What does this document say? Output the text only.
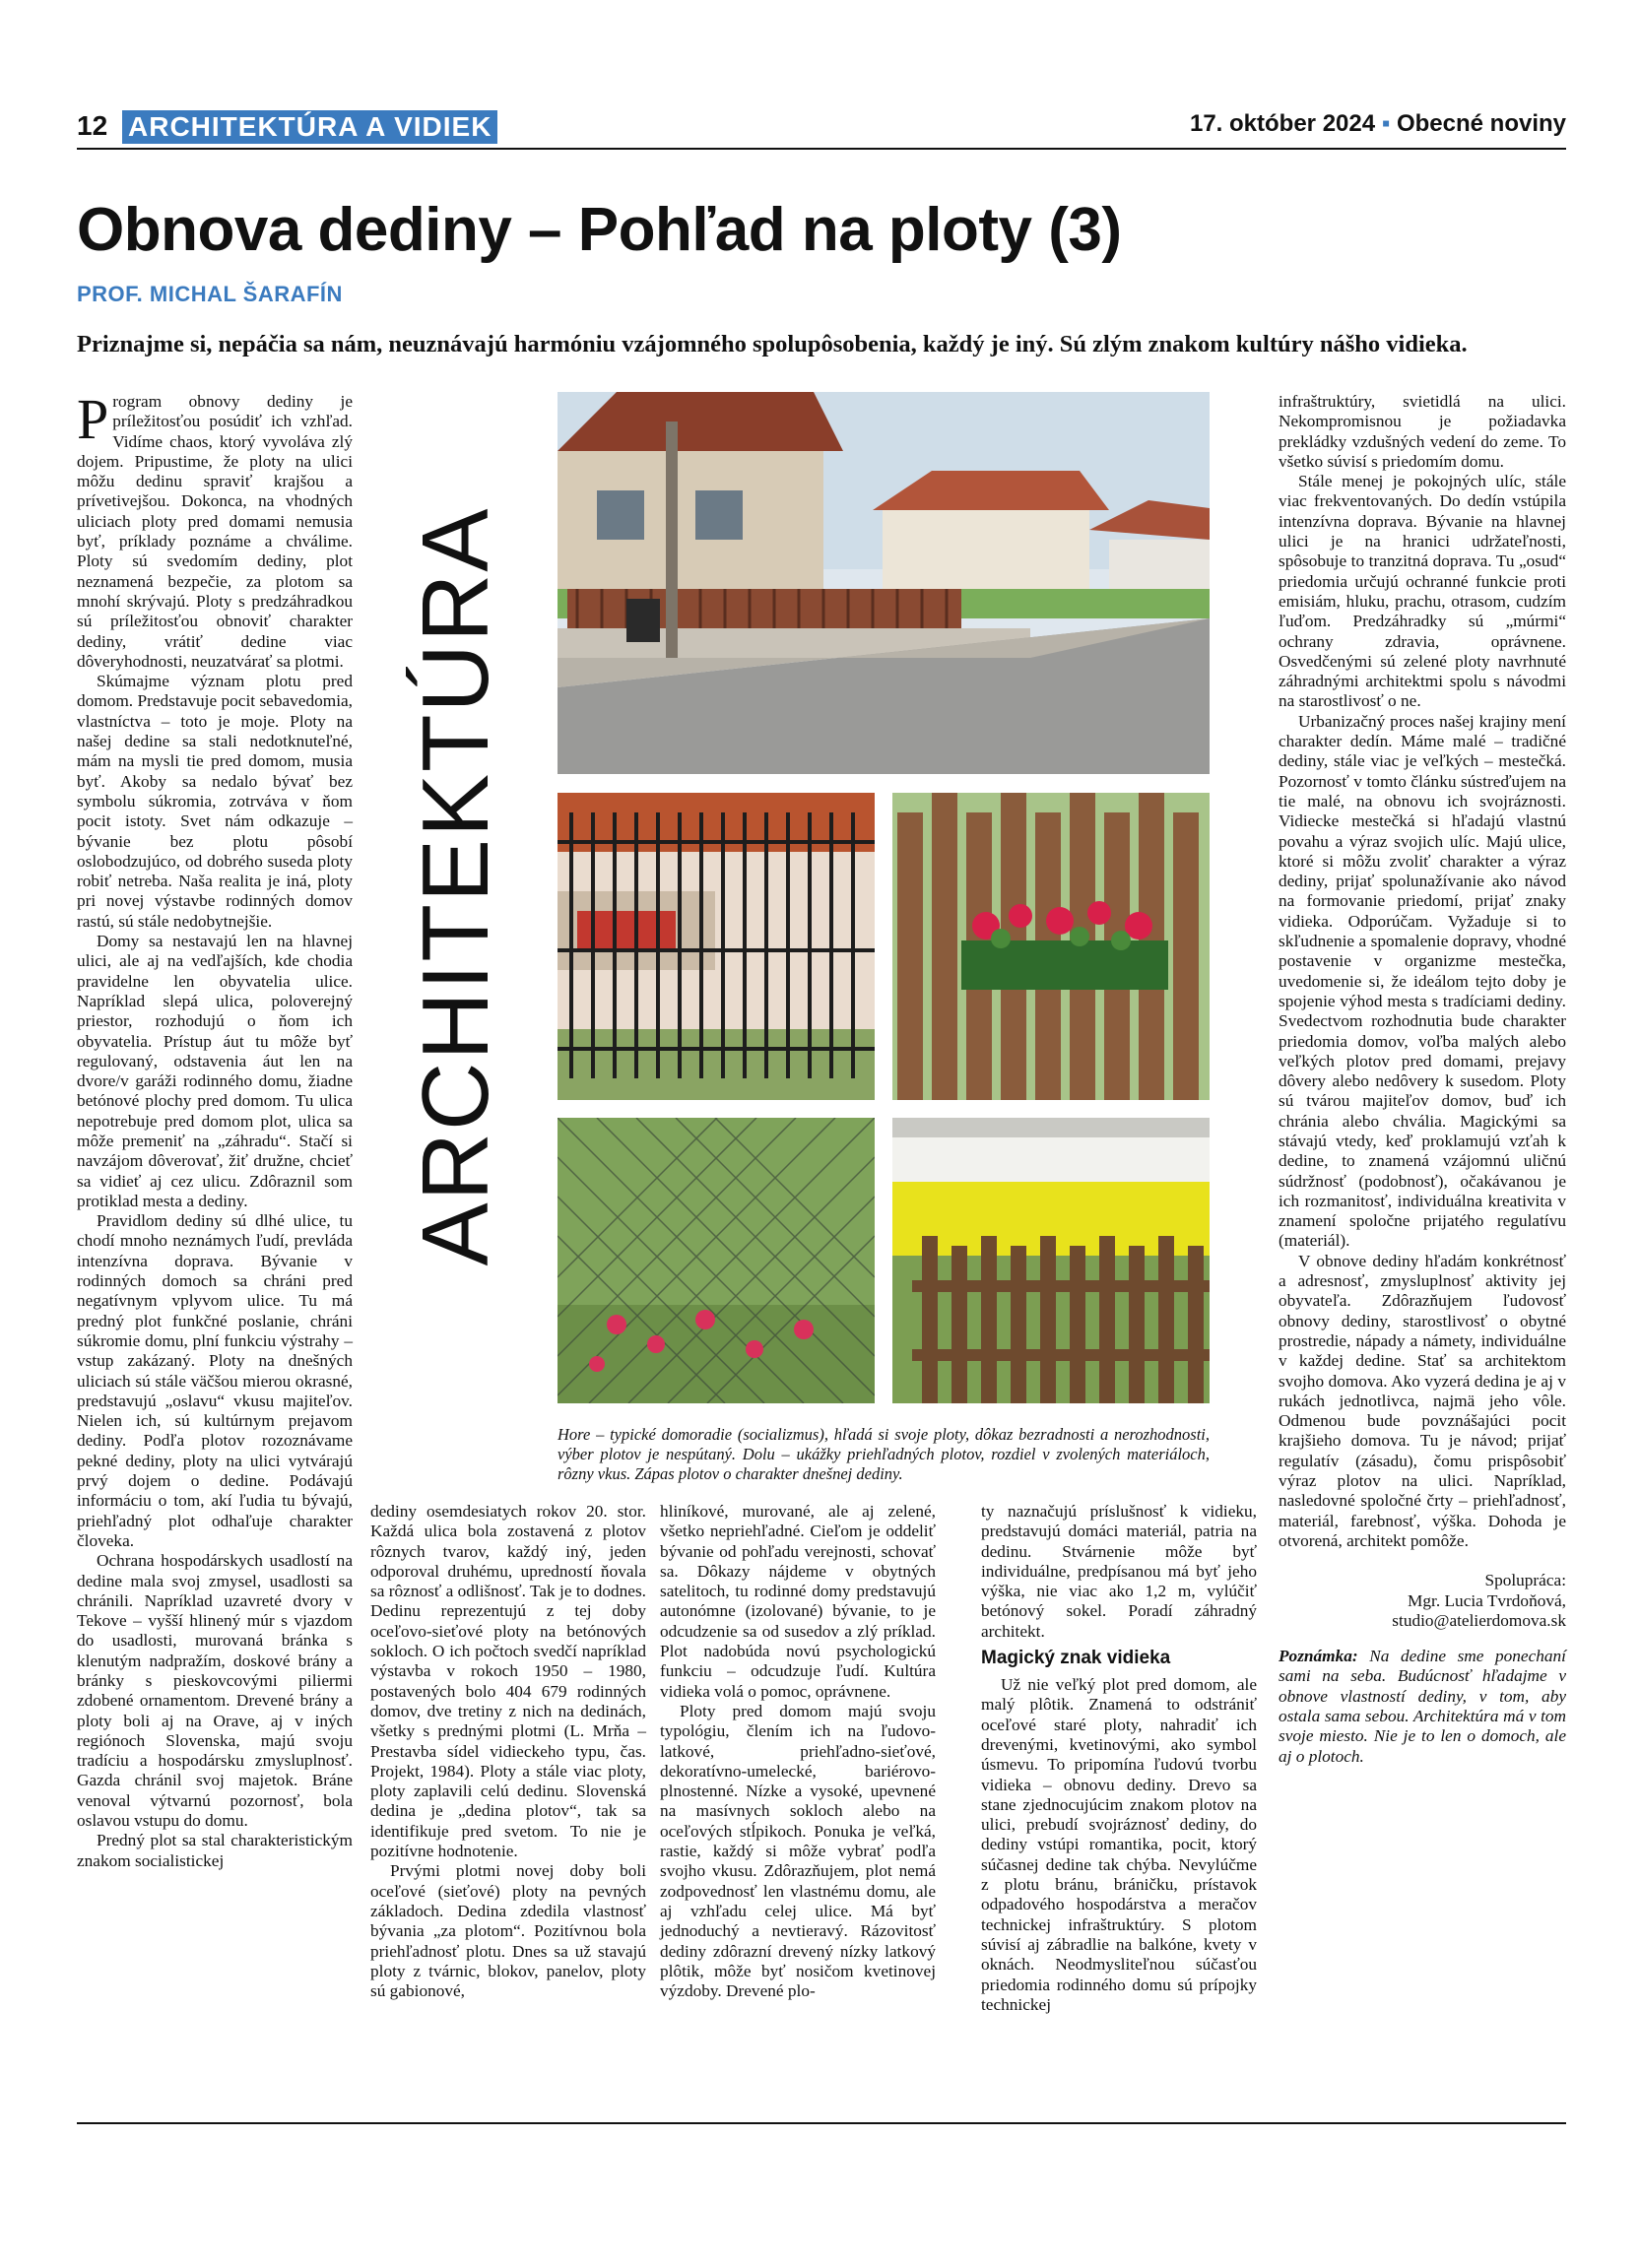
12 ARCHITEKTÚRA A VIDIEK	17. október 2024 ▪ Obecné noviny
Obnova dediny – Pohľad na ploty (3)
PROF. MICHAL ŠARAFÍN
Priznajme si, nepáčia sa nám, neuznávajú harmóniu vzájomného spolupôsobenia, každý je iný. Sú zlým znakom kultúry nášho vidieka.

Program obnovy dediny je príležitosťou posúdiť ich vzhľad. Vidíme chaos, ktorý vyvoláva zlý dojem. Pripustime, že ploty na ulici môžu dedinu spraviť krajšou a prívetivejšou. Dokonca, na vhodných uliciach ploty pred domami nemusia byť, príklady poznáme a chválime. Ploty sú svedomím dediny, plot neznamená bezpečie, za plotom sa mnohí skrývajú. Ploty s predzáhradkou sú príležitosťou obnoviť charakter dediny, vrátiť dedine viac dôveryhodnosti, neuzatvárať sa plotmi.

Skúmajme význam plotu pred domom. Predstavuje pocit sebavedomia, vlastníctva – toto je moje. Ploty na našej dedine sa stali nedotknuteľné, mám na mysli tie pred domom, musia byť. Akoby sa nedalo bývať bez symbolu súkromia, zotrváva v ňom pocit istoty. Svet nám odkazuje – bývanie bez plotu pôsobí oslobodzujúco, od dobrého suseda ploty robiť netreba. Naša realita je iná, ploty pri novej výstavbe rodinných domov rastú, sú stále nedobytnejšie.

Domy sa nestavajú len na hlavnej ulici, ale aj na vedľajších, kde chodia pravidelne len obyvatelia ulice. Napríklad slepá ulica, poloverejný priestor, rozhodujú o ňom ich obyvatelia. Prístup áut tu môže byť regulovaný, odstavenia áut len na dvore/v garáži rodinného domu, žiadne betónové plochy pred domom. Tu ulica nepotrebuje pred domom plot, ulica sa môže premeniť na „záhradu“. Stačí si navzájom dôverovať, žiť družne, chcieť sa vidieť aj cez ulicu. Zdôraznil som protiklad mesta a dediny.

Pravidlom dediny sú dlhé ulice, tu chodí mnoho neznámych ľudí, prevláda intenzívna doprava. Bývanie v rodinných domoch sa chráni pred negatívnym vplyvom ulice. Tu má predný plot funkčné poslanie, chráni súkromie domu, plní funkciu výstrahy – vstup zakázaný. Ploty na dnešných uliciach sú stále väčšou mierou okrasné, predstavujú „oslavu“ vkusu majiteľov. Nielen ich, sú kultúrnym prejavom dediny. Podľa plotov rozoznávame pekné dediny, ploty na ulici vytvárajú prvý dojem o dedine. Podávajú informáciu o tom, akí ľudia tu bývajú, priehľadný plot odhaľuje charakter človeka.

Ochrana hospodárskych usadlostí na dedine mala svoj zmysel, usadlosti sa chránili. Napríklad uzavreté dvory v Tekove – vyšší hlinený múr s vjazdom do usadlosti, murovaná bránka s klenutým nadpražím, doskové brány a bránky s pieskovcovými piliermi zdobené ornamentom. Drevené brány a ploty boli aj na Orave, aj v iných regiónoch Slovenska, majú svoju tradíciu a hospodársku zmysluplnosť. Gazda chránil svoj majetok. Bráne venoval výtvarnú pozornosť, bola oslavou vstupu do domu.

Predný plot sa stal charakteristickým znakom socialistickej

ARCHITEKTÚRA
Hore – typické domoradie (socializmus), hľadá si svoje ploty, dôkaz bezradnosti a nerozhodnosti, výber plotov je nespútaný. Dolu – ukážky priehľadných plotov, rozdiel v zvolených materiáloch, rôzny vkus. Zápas plotov o charakter dnešnej dediny.

dediny osemdesiatych rokov 20. stor. Každá ulica bola zostavená z plotov rôznych tvarov, každý iný, jeden odporoval druhému, upredností ňovala sa rôznosť a odlišnosť. Tak je to dodnes. Dedinu reprezentujú z tej doby oceľovo-sieťové ploty na betónových sokloch. O ich počtoch svedčí napríklad výstavba v rokoch 1950 – 1980, postavených bolo 404 679 rodinných domov, dve tretiny z nich na dedinách, všetky s prednými plotmi (L. Mrňa – Prestavba sídel vidieckeho typu, čas. Projekt, 1984). Ploty a stále viac ploty, ploty zaplavili celú dedinu. Slovenská dedina je „dedina plotov“, tak sa identifikuje pred svetom. To nie je pozitívne hodnotenie.

Prvými plotmi novej doby boli oceľové (sieťové) ploty na pevných základoch. Dedina zdedila vlastnosť bývania „za plotom“. Pozitívnou bola priehľadnosť plotu. Dnes sa už stavajú ploty z tvárnic, blokov, panelov, ploty sú gabionové,

hliníkové, murované, ale aj zelené, všetko nepriehľadné. Cieľom je oddeliť bývanie od pohľadu verejnosti, schovať sa. Dôkazy nájdeme v obytných satelitoch, tu rodinné domy predstavujú autonómne (izolované) bývanie, to je odcudzenie sa od susedov a zlý príklad. Plot nadobúda novú psychologickú funkciu – odcudzuje ľudí. Kultúra vidieka volá o pomoc, oprávnene.

Ploty pred domom majú svoju typológiu, člením ich na ľudovo-latkové, priehľadno-sieťové, dekoratívno-umelecké, bariérovo-plnostenné. Nízke a vysoké, upevnené na masívnych sokloch alebo na oceľových stĺpikoch. Ponuka je veľká, rastie, každý si môže vybrať podľa svojho vkusu. Zdôrazňujem, plot nemá zodpovednosť len vlastnému domu, ale aj vzhľadu celej ulice. Má byť jednoduchý a nevtieravý. Rázovitosť dediny zdôrazní drevený nízky latkový plôtik, môže byť nosičom kvetinovej výzdoby. Drevené plo-

ty naznačujú príslušnosť k vidieku, predstavujú domáci materiál, patria na dedinu. Stvárnenie môže byť individuálne, predpísanou má byť jeho výška, nie viac ako 1,2 m, vylúčiť betónový sokel. Poradí záhradný architekt.

Magický znak vidieka

Už nie veľký plot pred domom, ale malý plôtik. Znamená to odstrániť oceľové staré ploty, nahradiť ich drevenými, kvetinovými, ako symbol úsmevu. To pripomína ľudovú tvorbu vidieka – obnovu dediny. Drevo sa stane zjednocujúcim znakom plotov na ulici, prebudí svojráznosť dediny, do dediny vstúpi romantika, pocit, ktorý súčasnej dedine tak chýba. Nevylúčme z plotu bránu, bráničku, prístavok odpadového hospodárstva a meračov technickej infraštruktúry. S plotom súvisí aj zábradlie na balkóne, kvety v oknách. Neodmysliteľnou súčasťou priedomia rodinného domu sú prípojky technickej

infraštruktúry, svietidlá na ulici. Nekompromisnou je požiadavka prekládky vzdušných vedení do zeme. To všetko súvisí s priedomím domu.

Stále menej je pokojných ulíc, stále viac frekventovaných. Do dedín vstúpila intenzívna doprava. Bývanie na hlavnej ulici je na hranici udržateľnosti, spôsobuje to tranzitná doprava. Tu „osud“ priedomia určujú ochranné funkcie proti emisiám, hluku, prachu, otrasom, cudzím ľuďom. Predzáhradky sú „múrmi“ ochrany zdravia, oprávnene. Osvedčenými sú zelené ploty navrhnuté záhradnými architektmi spolu s návodmi na starostlivosť o ne.

Urbanizačný proces našej krajiny mení charakter dedín. Máme malé – tradičné dediny, stále viac je veľkých – mestečká. Pozornosť v tomto článku sústreďujem na tie malé, na obnovu ich svojráznosti. Vidiecke mestečká si hľadajú vlastnú povahu a výraz svojich ulíc. Majú ulice, ktoré si môžu zvoliť charakter a výraz dediny, prijať spolunažívanie ako návod na formovanie priedomí, prijať znaky vidieka. Odporúčam. Vyžaduje si to skľudnenie a spomalenie dopravy, vhodné postavenie v organizme mestečka, uvedomenie si, že ideálom tejto doby je spojenie výhod mesta s tradíciami dediny. Svedectvom rozhodnutia bude charakter priedomia domov, voľba malých alebo veľkých plotov pred domami, prejavy dôvery alebo nedôvery k susedom. Ploty sú tvárou majiteľov domov, buď ich chránia alebo chvália. Magickými sa stávajú vtedy, keď proklamujú vzťah k dedine, to znamená vzájomnú uličnú súdržnosť (podobnosť), očakávanou je ich rozmanitosť, individuálna kreativita v znamení spoločne prijatého regulatívu (materiál).

V obnove dediny hľadám konkrétnosť a adresnosť, zmysluplnosť aktivity jej obyvateľa. Zdôrazňujem ľudovosť obnovy dediny, starostlivosť o obytné prostredie, nápady a námety, individuálne v každej dedine. Stať sa architektom svojho domova. Ako vyzerá dedina je aj v rukách jednotlivca, najmä jeho vôle. Odmenou bude povznášajúci pocit krajšieho domova. Tu je návod; prijať regulatív (zásadu), čomu prispôsobiť výraz plotov na ulici. Napríklad, nasledovné spoločné črty – priehľadnosť, materiál, farebnosť, výška. Dohoda je otvorená, architekt pomôže.

Spolupráca:
Mgr. Lucia Tvrdoňová,
studio@atelierdomova.sk

Poznámka: Na dedine sme ponechaní sami na seba. Budúcnosť hľadajme v obnove vlastností dediny, v tom, aby ostala sama sebou. Architektúra má v tom svoje miesto. Nie je to len o domoch, ale aj o plotoch.
